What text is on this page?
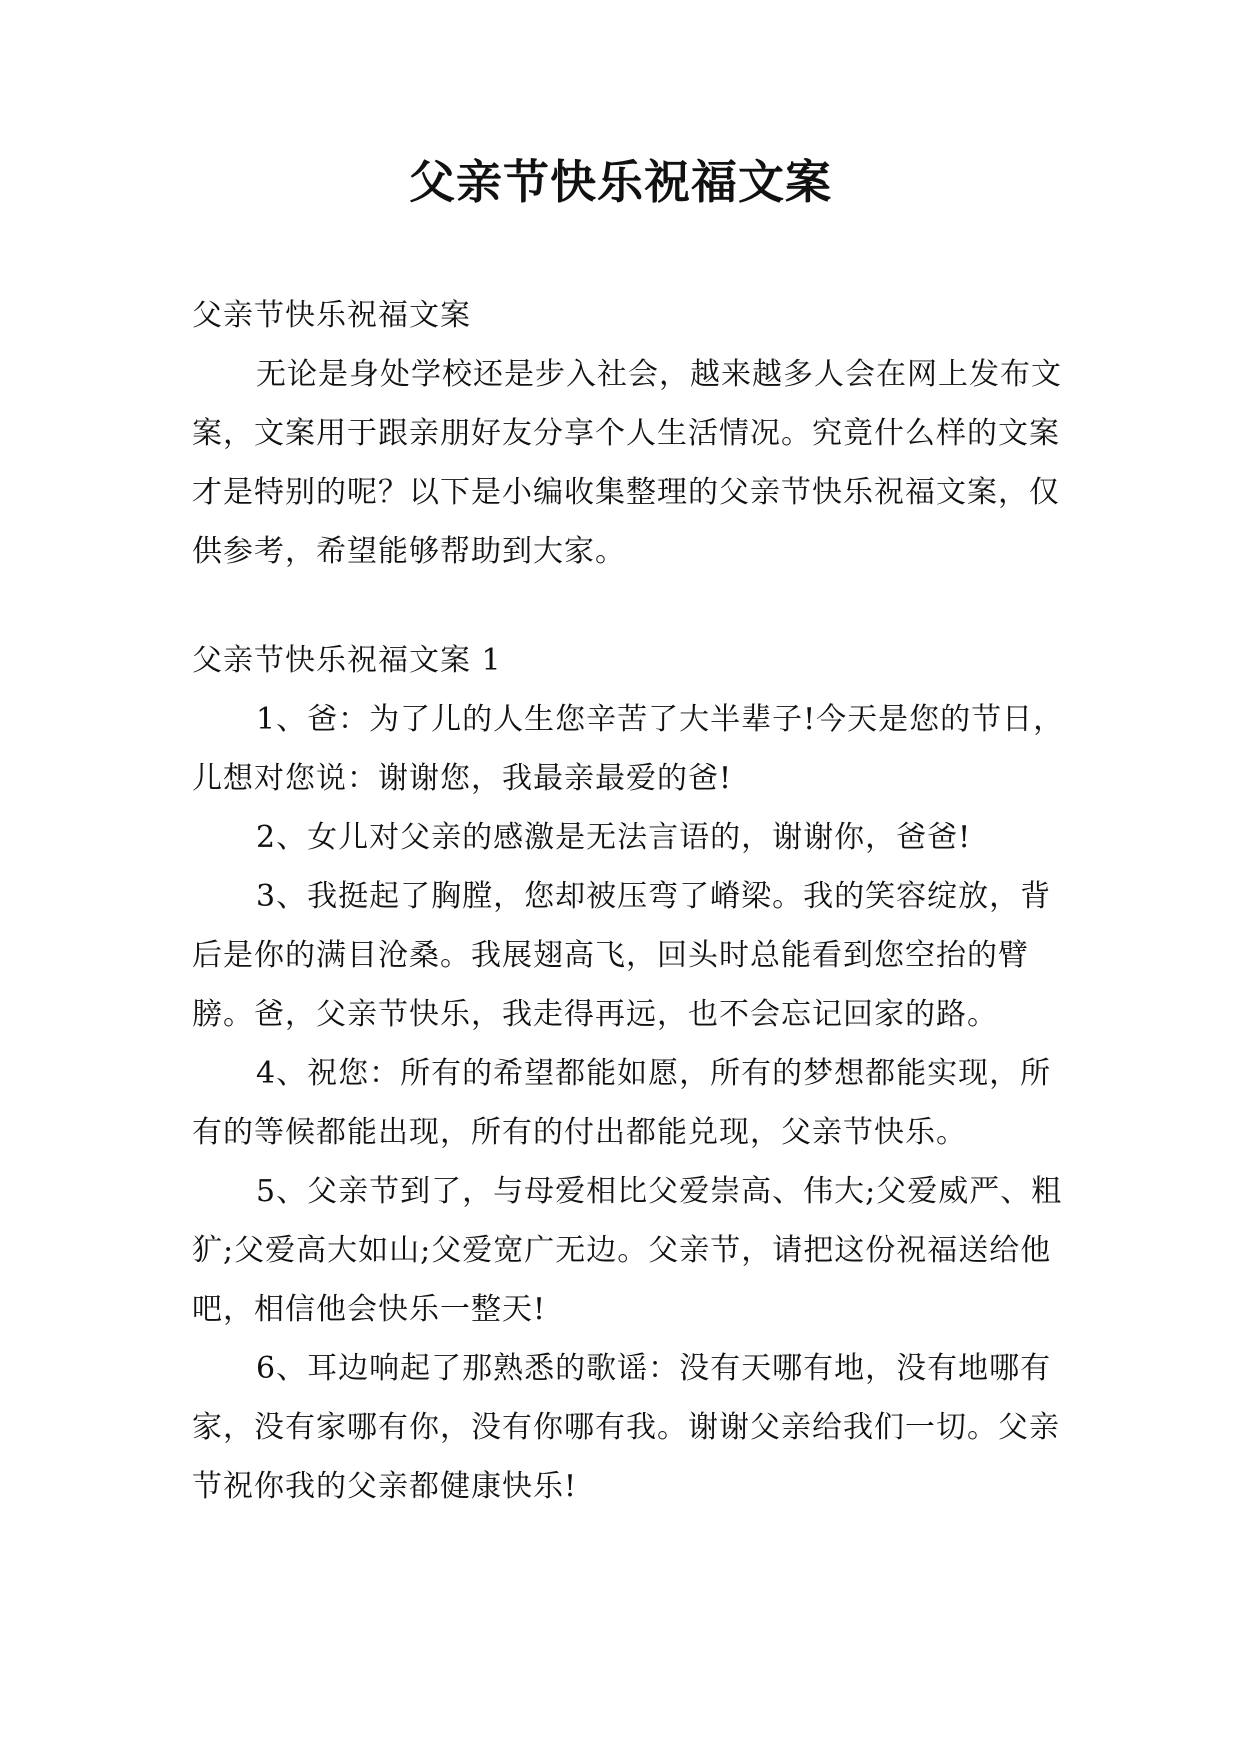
父亲节快乐祝福文案

父亲节快乐祝福文案

无论是身处学校还是步入社会，越来越多人会在网上发布文案，文案用于跟亲朋好友分享个人生活情况。究竟什么样的文案才是特别的呢？以下是小编收集整理的父亲节快乐祝福文案，仅供参考，希望能够帮助到大家。

父亲节快乐祝福文案 1

1、爸：为了儿的人生您辛苦了大半辈子!今天是您的节日，儿想对您说：谢谢您，我最亲最爱的爸!

2、女儿对父亲的感激是无法言语的，谢谢你，爸爸!

3、我挺起了胸膛，您却被压弯了嵴梁。我的笑容绽放，背后是你的满目沧桑。我展翅高飞，回头时总能看到您空抬的臂膀。爸，父亲节快乐，我走得再远，也不会忘记回家的路。

4、祝您：所有的希望都能如愿，所有的梦想都能实现，所有的等候都能出现，所有的付出都能兑现，父亲节快乐。

5、父亲节到了，与母爱相比父爱崇高、伟大;父爱威严、粗犷;父爱高大如山;父爱宽广无边。父亲节，请把这份祝福送给他吧，相信他会快乐一整天!

6、耳边响起了那熟悉的歌谣：没有天哪有地，没有地哪有家，没有家哪有你，没有你哪有我。谢谢父亲给我们一切。父亲节祝你我的父亲都健康快乐!
